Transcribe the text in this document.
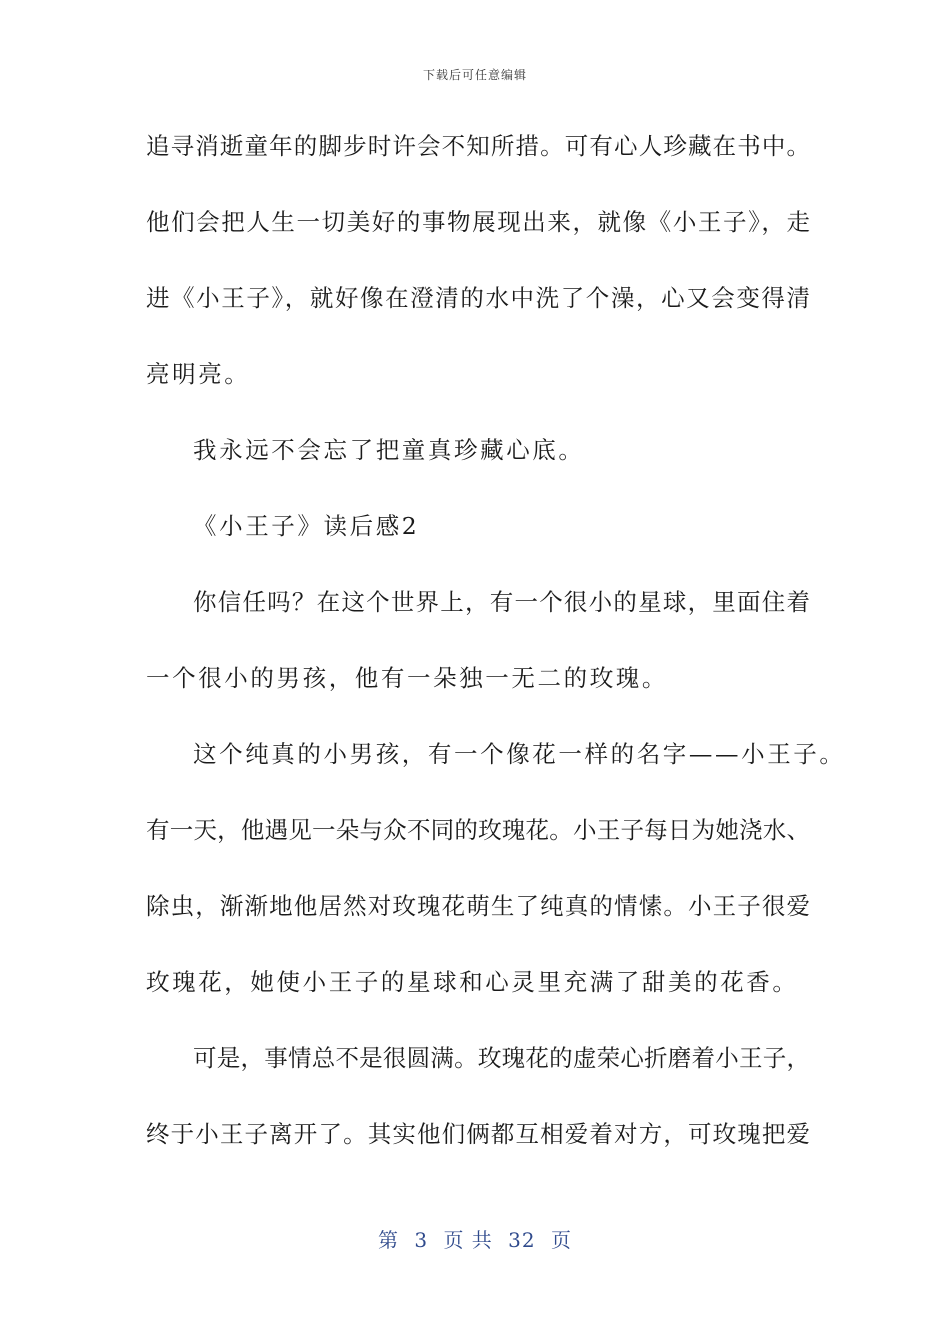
下载后可任意编辑
追寻消逝童年的脚步时许会不知所措。可有心人珍藏在书中。
他们会把人生一切美好的事物展现出来，就像《小王子》，走
进《小王子》，就好像在澄清的水中洗了个澡，心又会变得清
亮明亮。
我永远不会忘了把童真珍藏心底。
《小王子》读后感2
你信任吗？在这个世界上，有一个很小的星球，里面住着
一个很小的男孩，他有一朵独一无二的玫瑰。
这个纯真的小男孩，有一个像花一样的名字——小王子。
有一天，他遇见一朵与众不同的玫瑰花。小王子每日为她浇水、
除虫，渐渐地他居然对玫瑰花萌生了纯真的情愫。小王子很爱
玫瑰花，她使小王子的星球和心灵里充满了甜美的花香。
可是，事情总不是很圆满。玫瑰花的虚荣心折磨着小王子，
终于小王子离开了。其实他们俩都互相爱着对方，可玫瑰把爱
第 3 页 共 32 页
